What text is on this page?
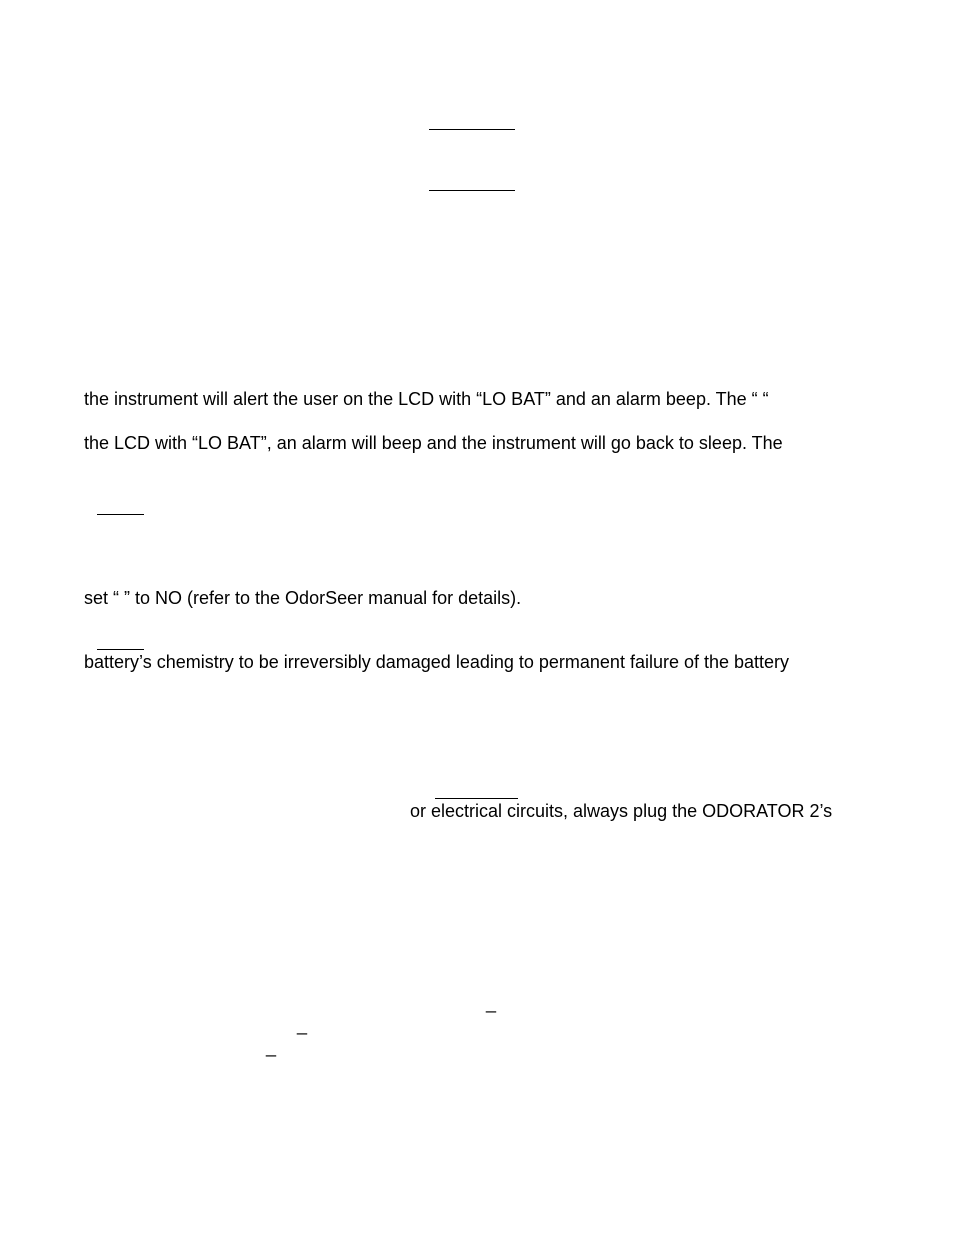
the instrument will alert the user on the LCD with “LO BAT” and an alarm beep. The “ “
the LCD with “LO BAT”, an alarm will beep and the instrument will go back to sleep. The
set “ ” to NO (refer to the OdorSeer manual for details).
battery’s chemistry to be irreversibly damaged leading to permanent failure of the battery
or electrical circuits, always plug the ODORATOR 2’s
_
_
_
